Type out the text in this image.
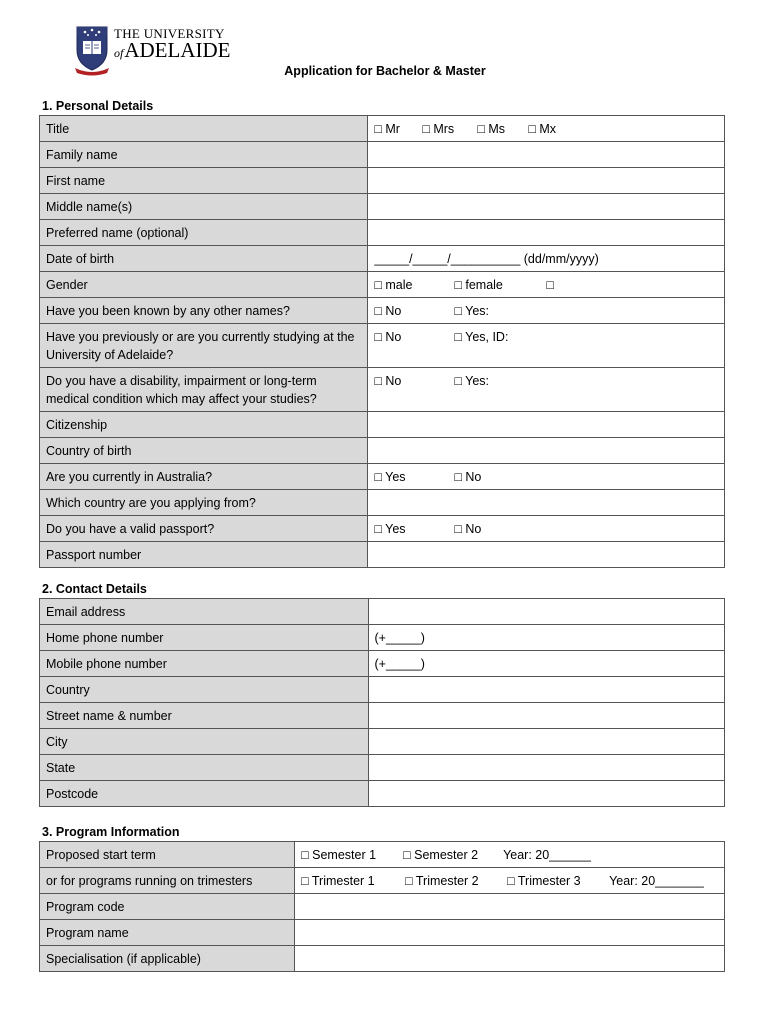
THE UNIVERSITY
ofADELAIDE
Application for Bachelor & Master
1. Personal Details
Title	□ Mr □ Mrs □ Ms □ Mx
Family name	
First name	
Middle name(s)	
Preferred name (optional)	
Date of birth	_____/_____/__________ (dd/mm/yyyy)
Gender	□ male □ female □
Have you been known by any other names?	□ No □ Yes:
Have you previously or are you currently studying at the University of Adelaide?	□ No □ Yes, ID:
Do you have a disability, impairment or long-term medical condition which may affect your studies?	□ No □ Yes:
Citizenship	
Country of birth	
Are you currently in Australia?	□ Yes □ No
Which country are you applying from?	
Do you have a valid passport?	□ Yes □ No
Passport number	
2. Contact Details
Email address	
Home phone number	(+_____)
Mobile phone number	(+_____)
Country	
Street name & number	
City	
State	
Postcode	
3. Program Information
Proposed start term	□ Semester 1 □ Semester 2 Year: 20______
or for programs running on trimesters	□ Trimester 1 □ Trimester 2 □ Trimester 3 Year: 20_______
Program code	
Program name	
Specialisation (if applicable)	
